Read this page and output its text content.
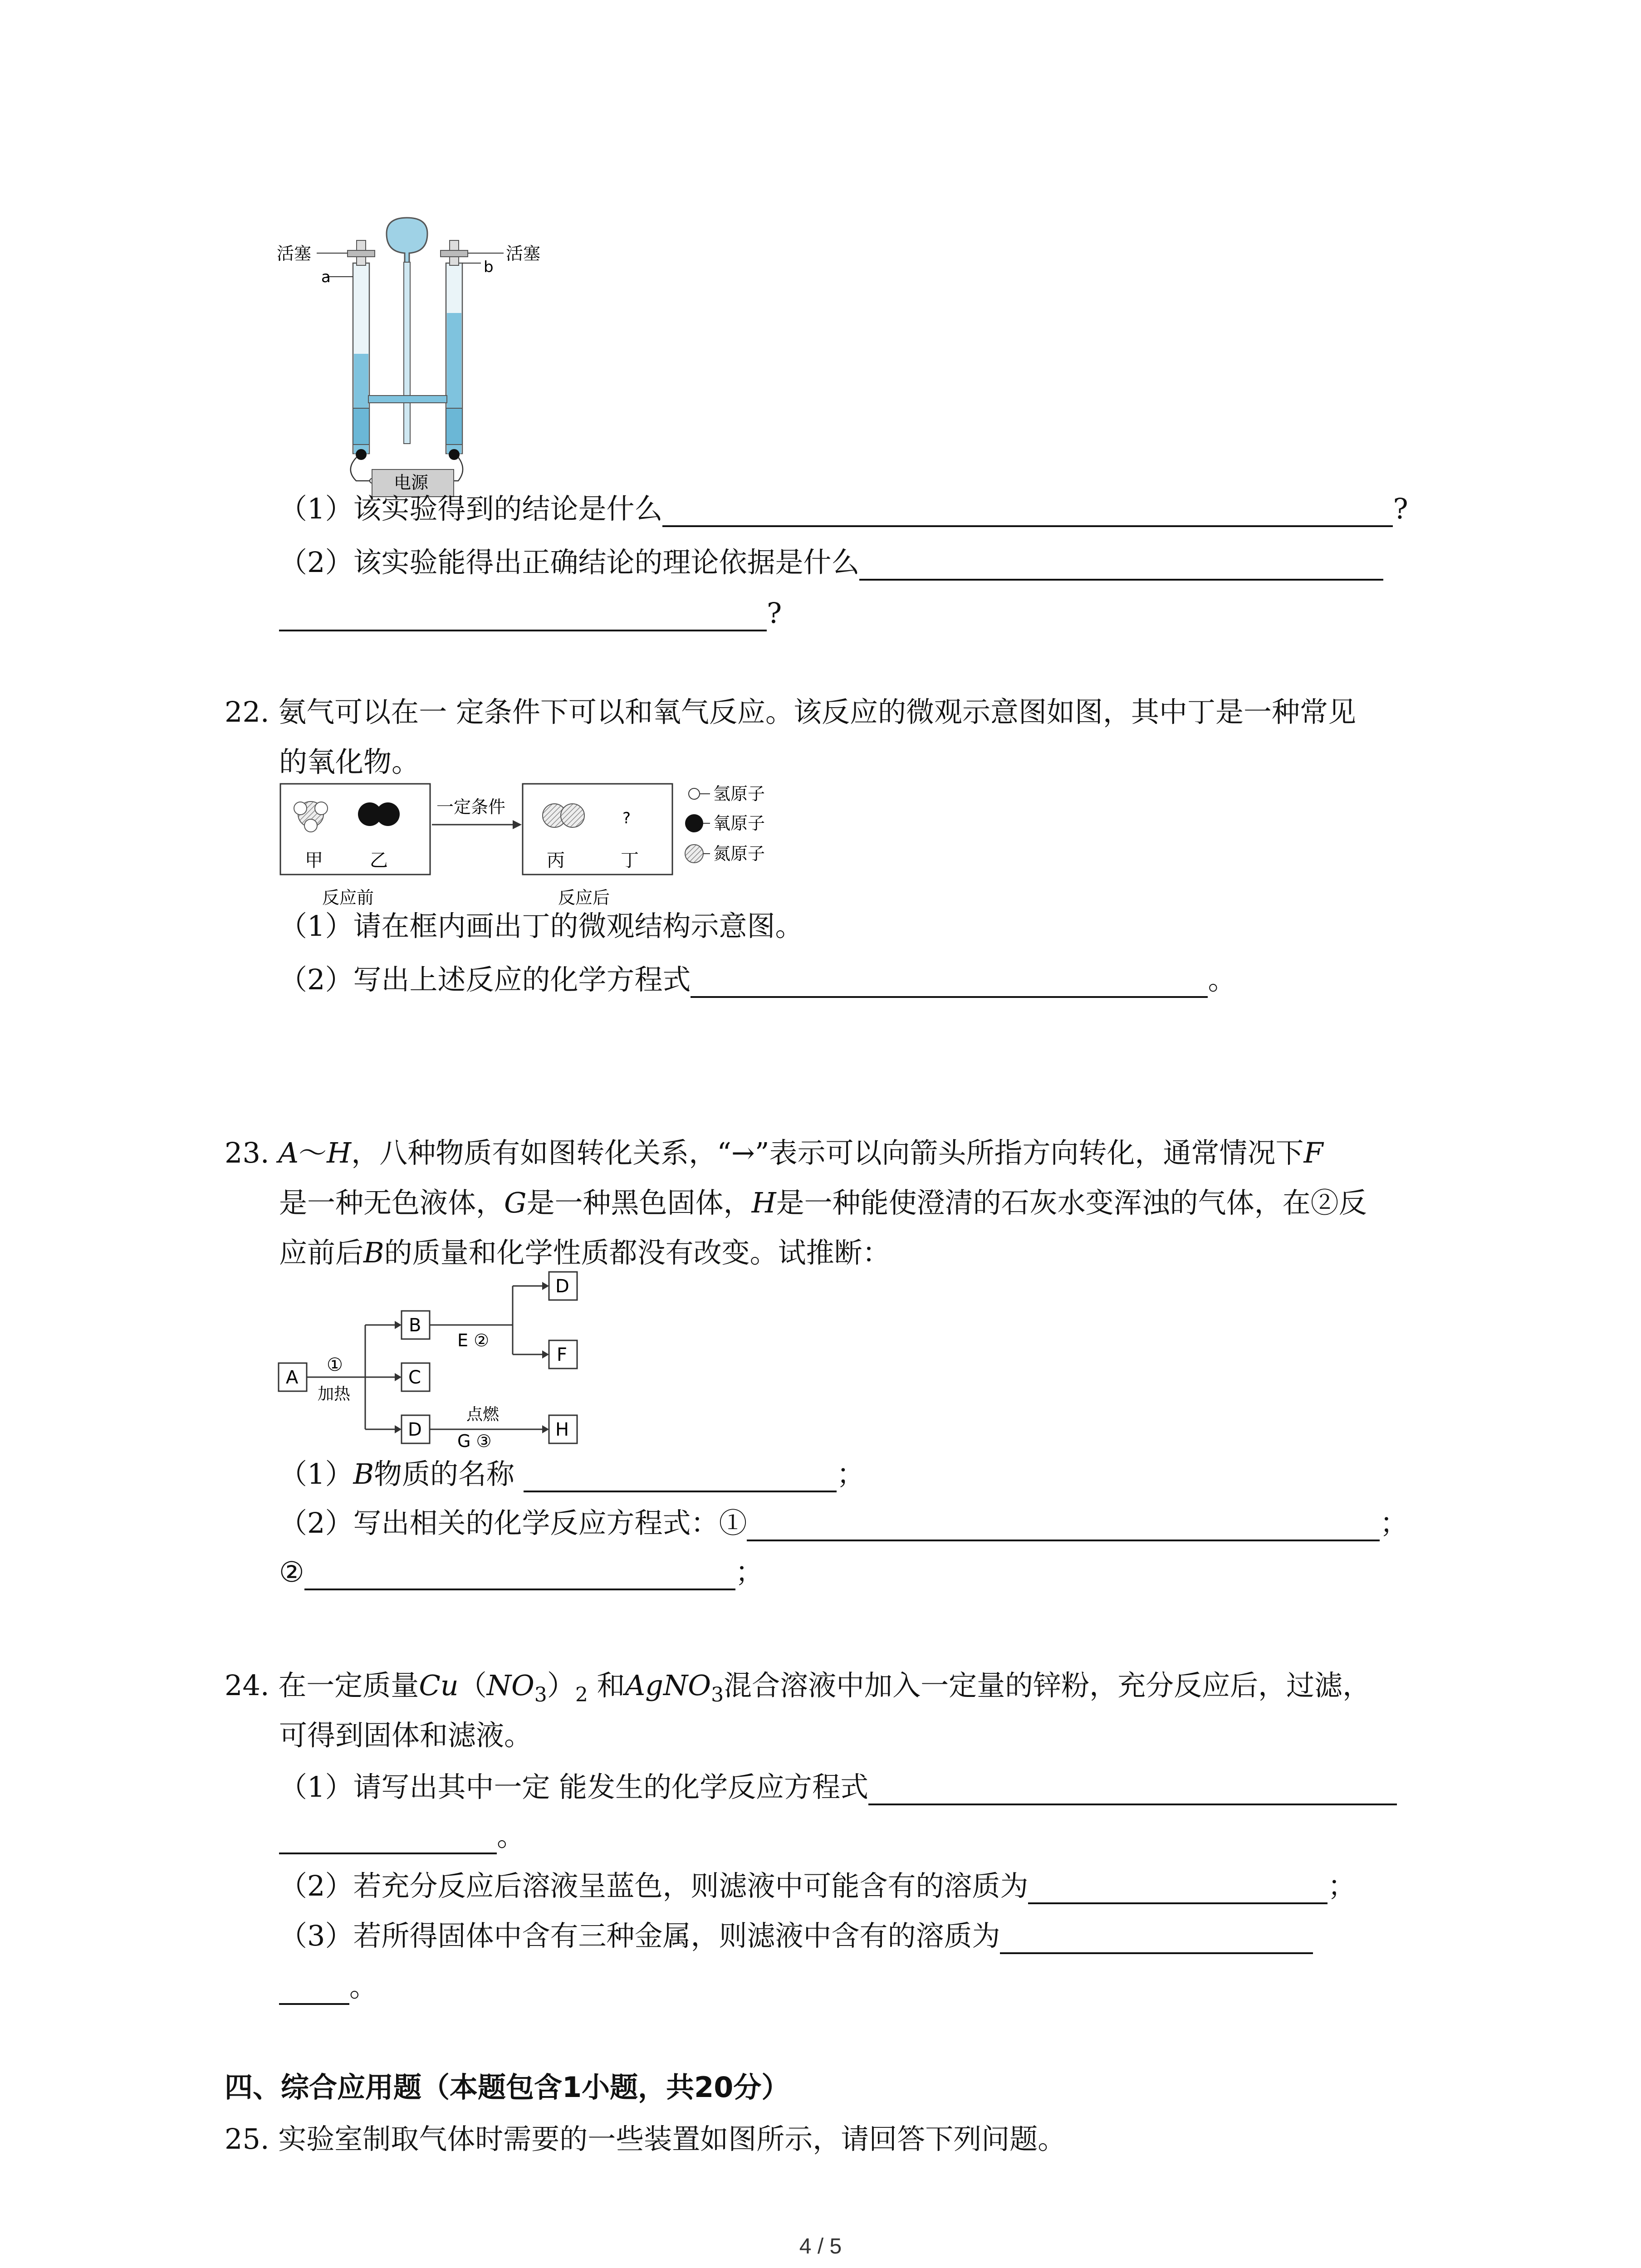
活塞	活塞
a
b
电源
（1）该实验得到的结论是什么	?
（2）该实验能得出正确结论的理论依据是什么
?
22. 氨气可以在一 定条件下可以和氧气反应。该反应的微观示意图如图，其中丁是一种常见
的氧化物。
甲	乙
一定条件
?
丙	丁
反应前	反应后
氢原子
氧原子
氮原子
（1）请在框内画出丁的微观结构示意图。
（2）写出上述反应的化学方程式	。
23. A～H，八种物质有如图转化关系，“→”表示可以向箭头所指方向转化，通常情况下F
是一种无色液体，G是一种黑色固体，H是一种能使澄清的石灰水变浑浊的气体，在②反
应前后B的质量和化学性质都没有改变。试推断：
A
B
C
D
D
F
H
①
加热
E ②
点燃
G ③
（1）B物质的名称	；
（2）写出相关的化学反应方程式：①	；
②	；
24. 在一定质量$Cu(NO_3)_2$ 和AgNO$_3$混合溶液中加入一定量的锌粉，充分反应后，过滤，
可得到固体和滤液。
（1）请写出其中一定 能发生的化学反应方程式
。
（2）若充分反应后溶液呈蓝色，则滤液中可能含有的溶质为	；
（3）若所得固体中含有三种金属，则滤液中含有的溶质为
。
四、综合应用题（本题包含1小题，共20分）
25. 实验室制取气体时需要的一些装置如图所示，请回答下列问题。
4 / 5
